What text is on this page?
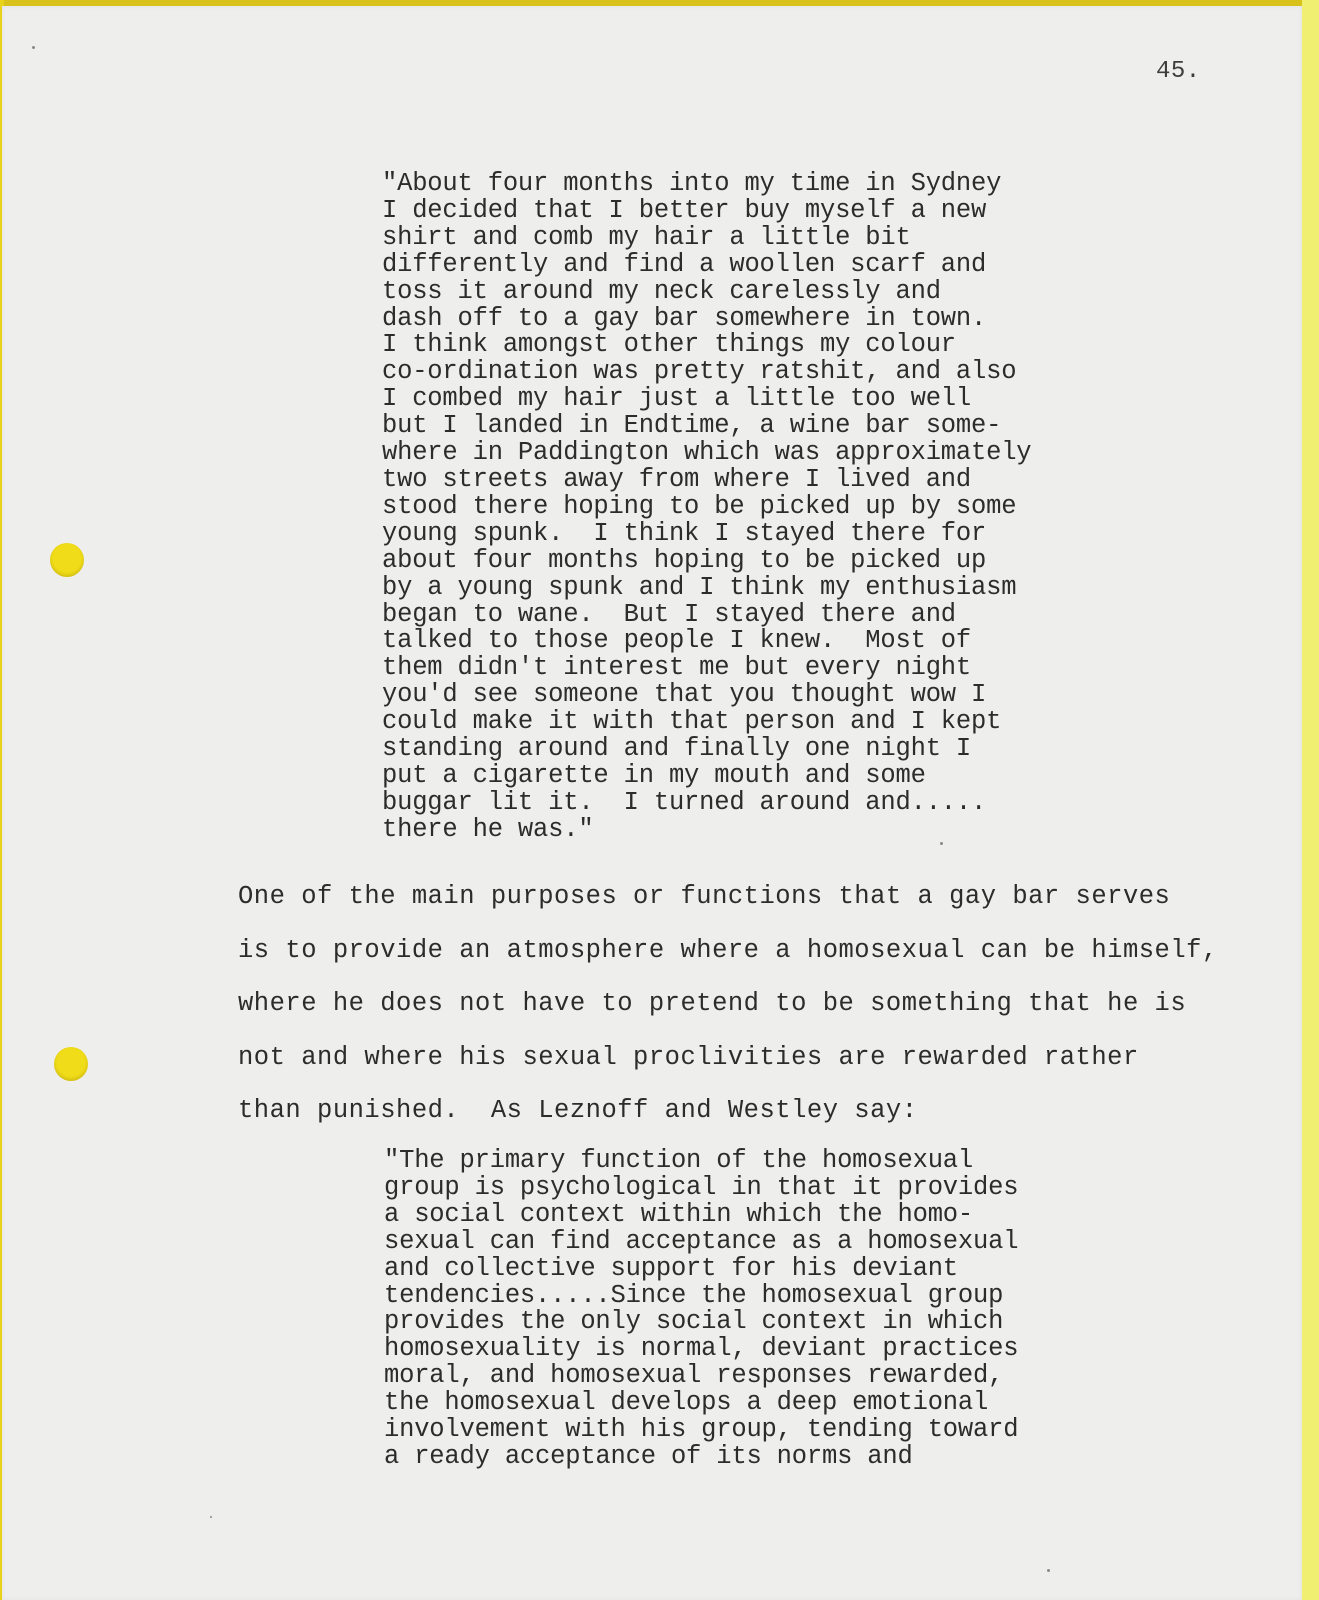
45.
"About four months into my time in Sydney
I decided that I better buy myself a new
shirt and comb my hair a little bit
differently and find a woollen scarf and
toss it around my neck carelessly and
dash off to a gay bar somewhere in town.
I think amongst other things my colour
co-ordination was pretty ratshit, and also
I combed my hair just a little too well
but I landed in Endtime, a wine bar some-
where in Paddington which was approximately
two streets away from where I lived and
stood there hoping to be picked up by some
young spunk.  I think I stayed there for
about four months hoping to be picked up
by a young spunk and I think my enthusiasm
began to wane.  But I stayed there and
talked to those people I knew.  Most of
them didn't interest me but every night
you'd see someone that you thought wow I
could make it with that person and I kept
standing around and finally one night I
put a cigarette in my mouth and some
buggar lit it.  I turned around and.....
there he was."
One of the main purposes or functions that a gay bar serves
is to provide an atmosphere where a homosexual can be himself,
where he does not have to pretend to be something that he is
not and where his sexual proclivities are rewarded rather
than punished.  As Leznoff and Westley say:
"The primary function of the homosexual
group is psychological in that it provides
a social context within which the homo-
sexual can find acceptance as a homosexual
and collective support for his deviant
tendencies.....Since the homosexual group
provides the only social context in which
homosexuality is normal, deviant practices
moral, and homosexual responses rewarded,
the homosexual develops a deep emotional
involvement with his group, tending toward
a ready acceptance of its norms and
